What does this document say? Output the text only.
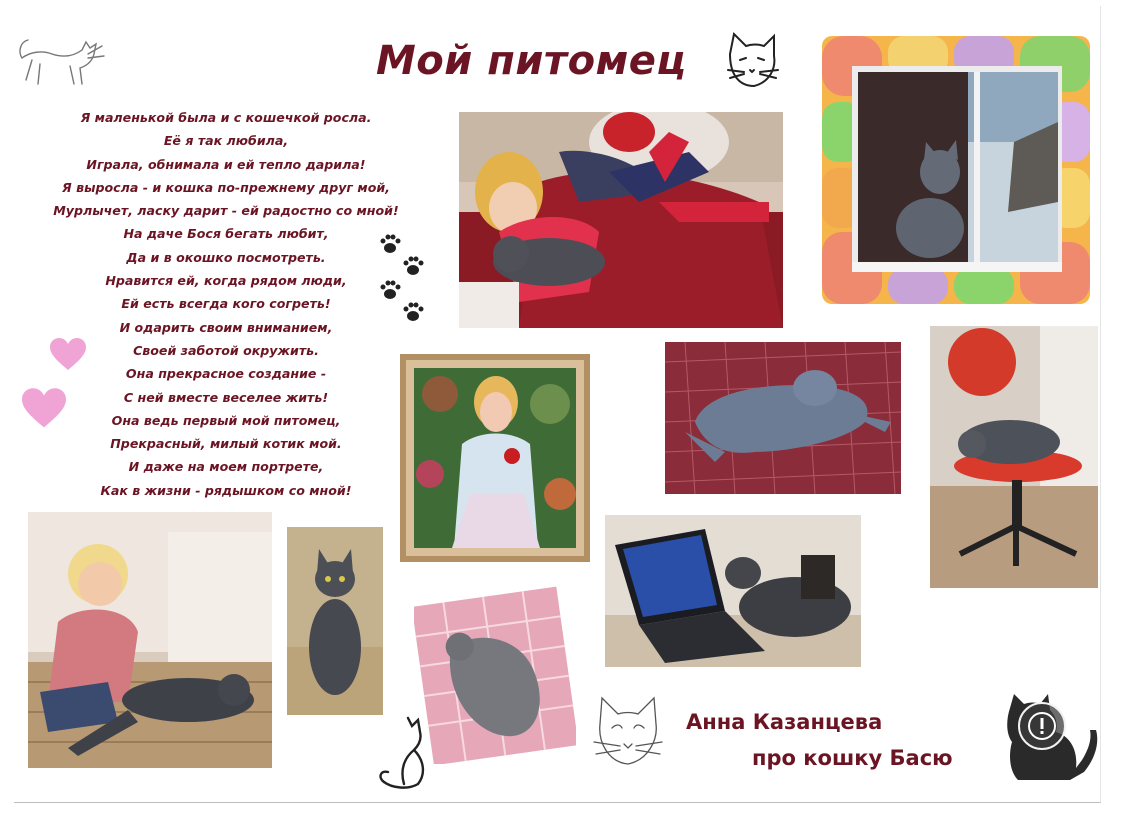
Мой питомец
Я маленькой была и с кошечкой росла.
Её я так любила,
Играла, обнимала и ей тепло дарила!
Я выросла - и кошка по-прежнему друг мой,
Мурлычет, ласку дарит - ей радостно со мной!
На даче Бося бегать любит,
Да и в окошко посмотреть.
Нравится ей, когда рядом люди,
Ей есть всегда кого согреть!
И одарить своим вниманием,
Своей заботой окружить.
Она прекрасное создание -
С ней вместе веселее жить!
Она ведь первый мой питомец,
Прекрасный, милый котик мой.
И даже на моем портрете,
Как в жизни - рядышком со мной!
Анна Казанцева
про кошку Басю
